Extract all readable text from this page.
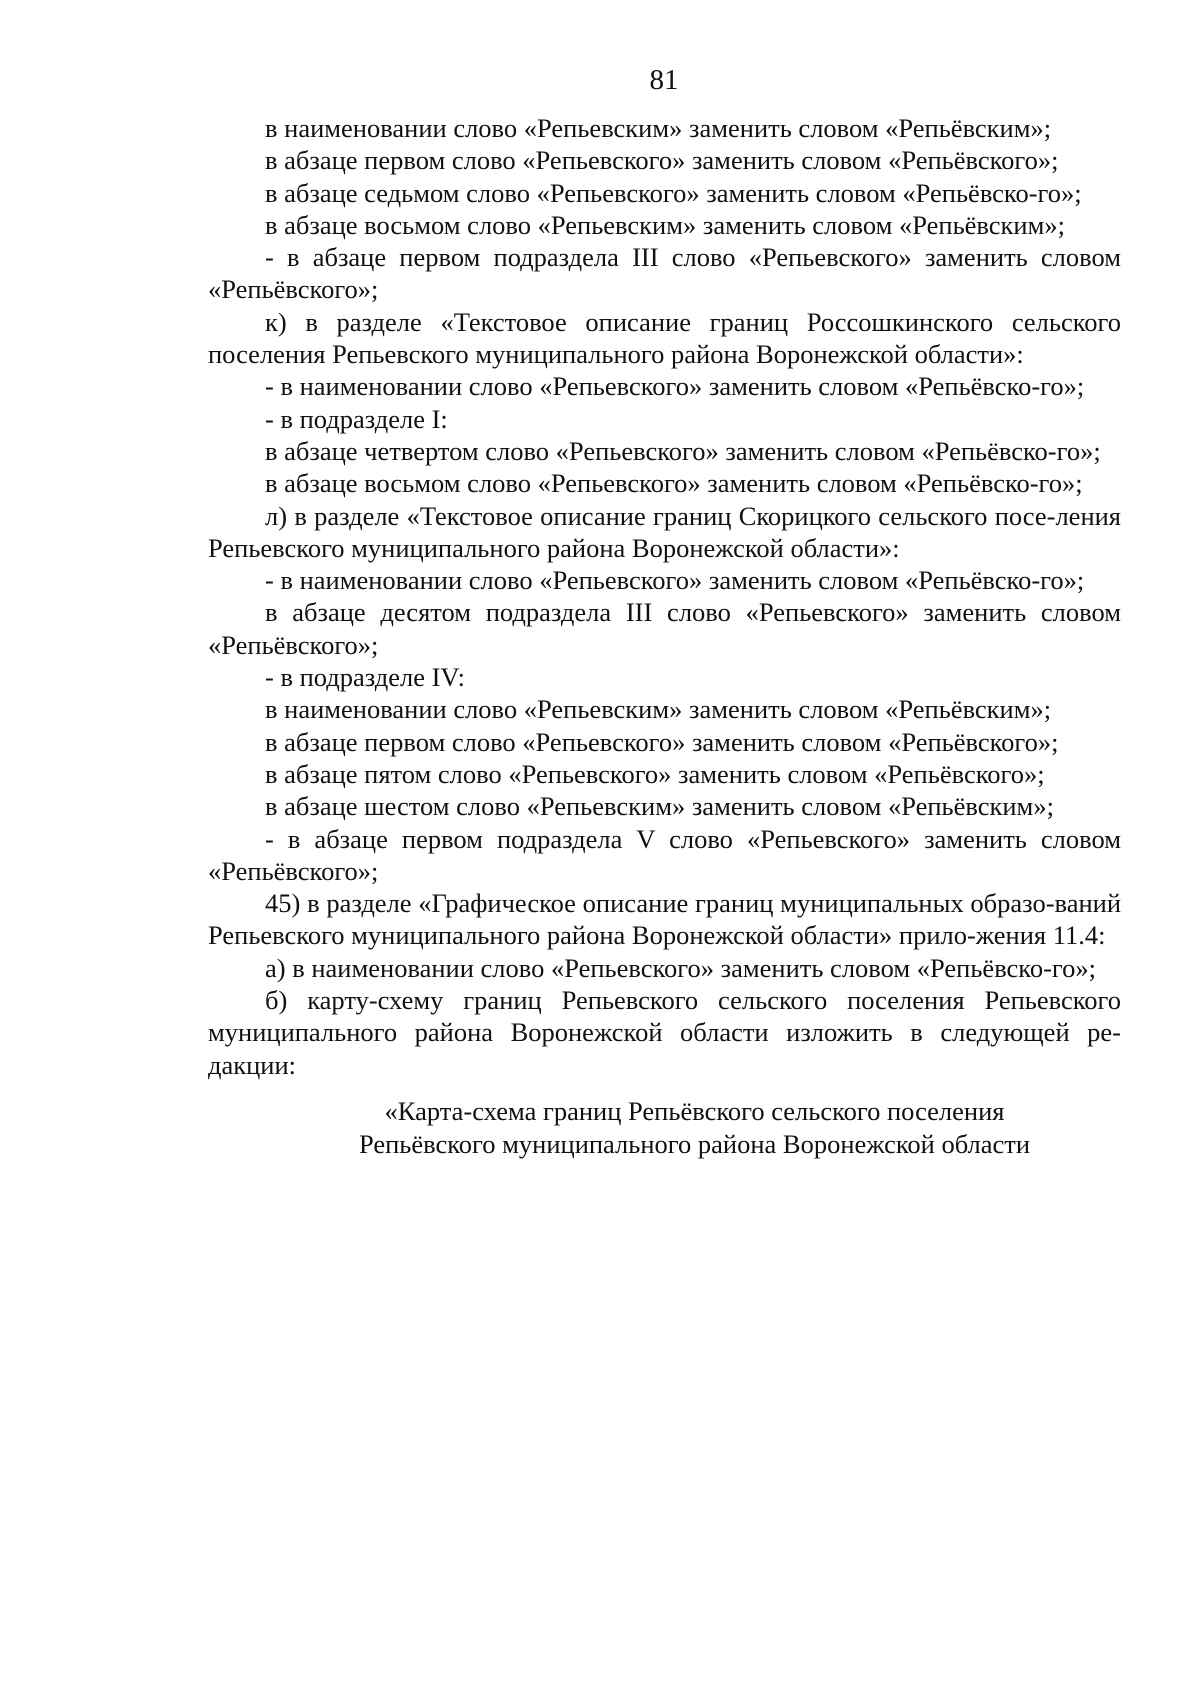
81

в наименовании слово «Репьевским» заменить словом «Репьёвским»;

в абзаце первом слово «Репьевского» заменить словом «Репьёвского»;

в абзаце седьмом слово «Репьевского» заменить словом «Репьёвско-го»;

в абзаце восьмом слово «Репьевским» заменить словом «Репьёвским»;

- в абзаце первом подраздела III слово «Репьевского» заменить словом «Репьёвского»;

к) в разделе «Текстовое описание границ Россошкинского сельского поселения Репьевского муниципального района Воронежской области»:

- в наименовании слово «Репьевского» заменить словом «Репьёвско-го»;

- в подразделе I:

в абзаце четвертом слово «Репьевского» заменить словом «Репьёвско-го»;

в абзаце восьмом слово «Репьевского» заменить словом «Репьёвско-го»;

л) в разделе «Текстовое описание границ Скорицкого сельского посе-ления Репьевского муниципального района Воронежской области»:

- в наименовании слово «Репьевского» заменить словом «Репьёвско-го»;

в абзаце десятом подраздела III слово «Репьевского» заменить словом «Репьёвского»;

- в подразделе IV:

в наименовании слово «Репьевским» заменить словом «Репьёвским»;

в абзаце первом слово «Репьевского» заменить словом «Репьёвского»;

в абзаце пятом слово «Репьевского» заменить словом «Репьёвского»;

в абзаце шестом слово «Репьевским» заменить словом «Репьёвским»;

- в абзаце первом подраздела V слово «Репьевского» заменить словом «Репьёвского»;

45) в разделе «Графическое описание границ муниципальных образо-ваний Репьевского муниципального района Воронежской области» прило-жения 11.4:

а) в наименовании слово «Репьевского» заменить словом «Репьёвско-го»;

б) карту-схему границ Репьевского сельского поселения Репьевского муниципального района Воронежской области изложить в следующей ре-дакции:

«Карта-схема границ Репьёвского сельского поселения
Репьёвского муниципального района Воронежской области
